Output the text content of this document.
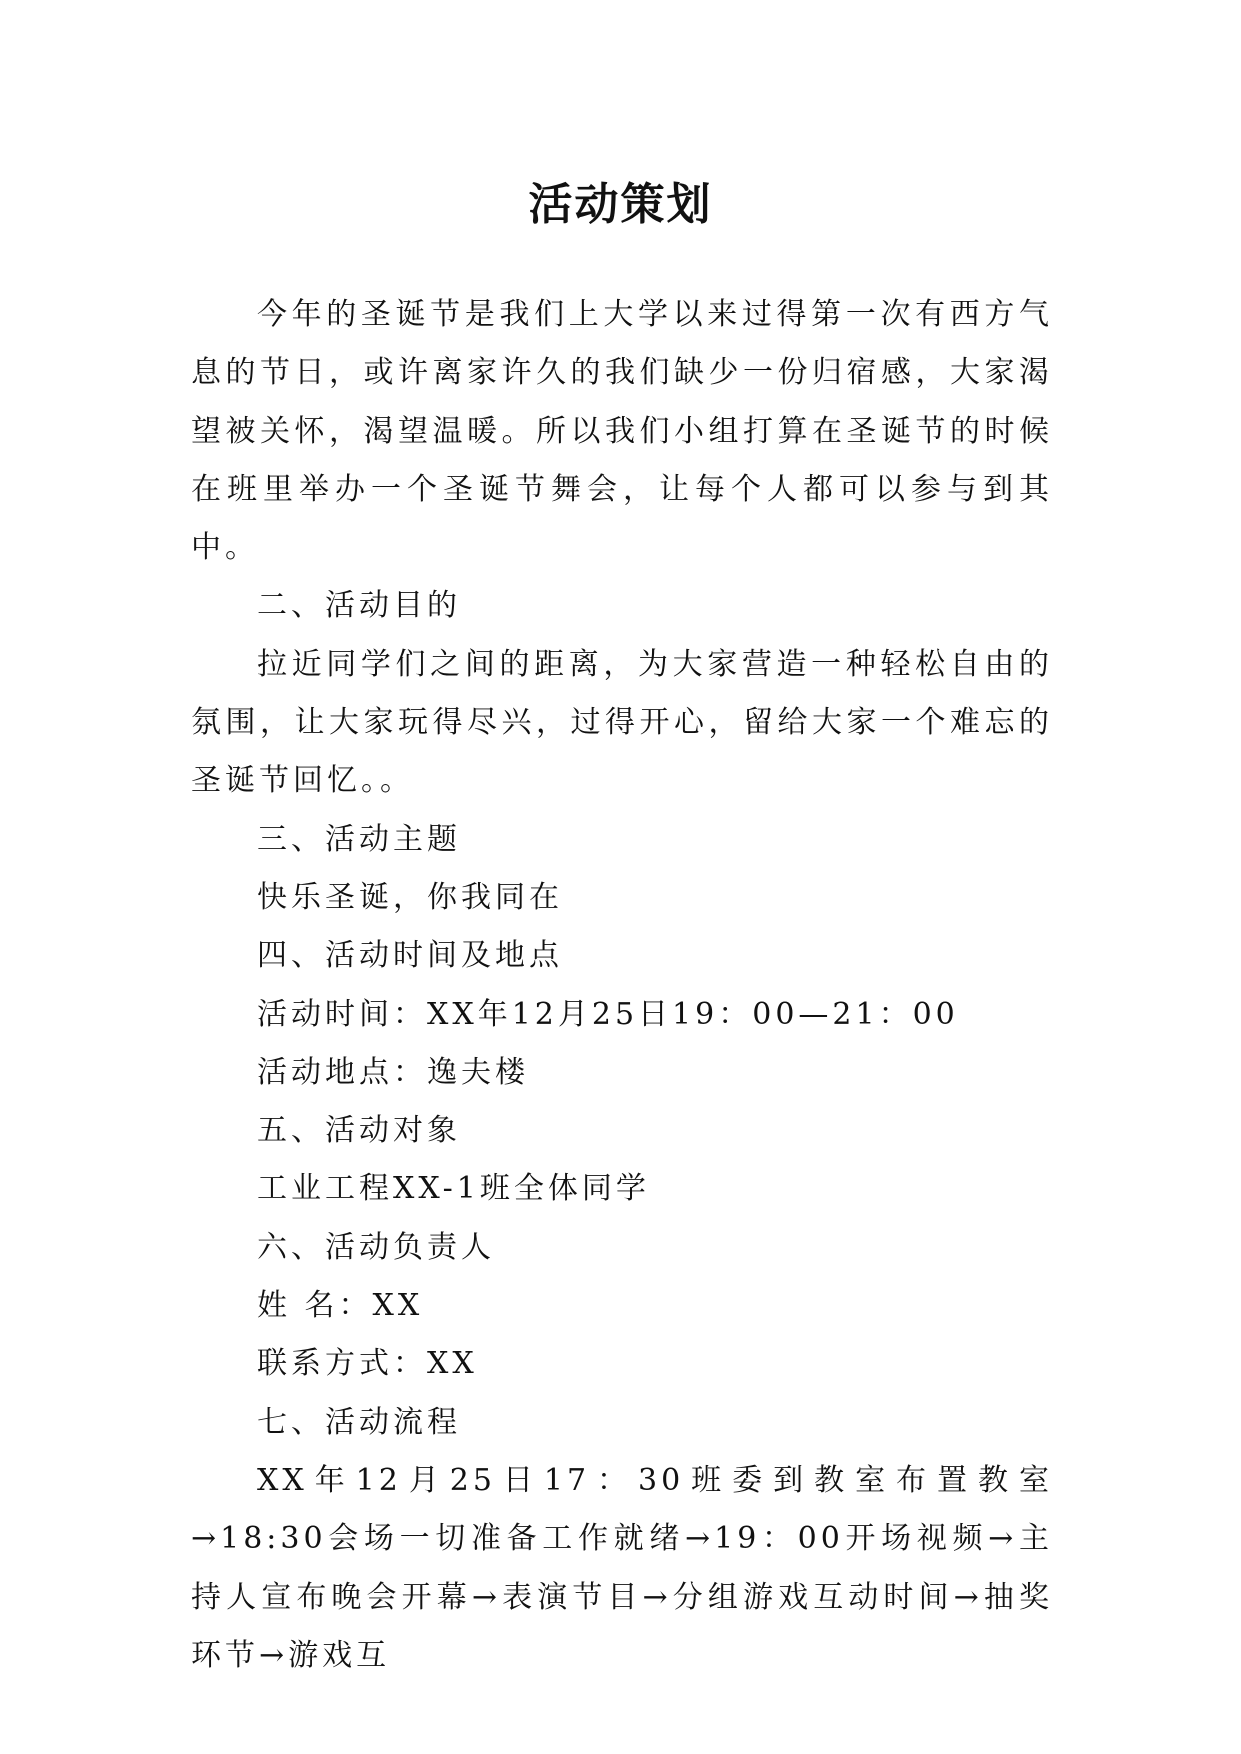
活动策划

今年的圣诞节是我们上大学以来过得第一次有西方气息的节日，或许离家许久的我们缺少一份归宿感，大家渴望被关怀，渴望温暖。所以我们小组打算在圣诞节的时候在班里举办一个圣诞节舞会，让每个人都可以参与到其中。

二、活动目的

拉近同学们之间的距离，为大家营造一种轻松自由的氛围，让大家玩得尽兴，过得开心，留给大家一个难忘的圣诞节回忆。。

三、活动主题

快乐圣诞，你我同在

四、活动时间及地点

活动时间：XX年12月25日19：00—21：00

活动地点：逸夫楼

五、活动对象

工业工程XX-1班全体同学

六、活动负责人

姓 名：XX

联系方式：XX

七、活动流程

XX年12月25日17：30班委到教室布置教室→18:30会场一切准备工作就绪→19：00开场视频→主持人宣布晚会开幕→表演节目→分组游戏互动时间→抽奖环节→游戏互
